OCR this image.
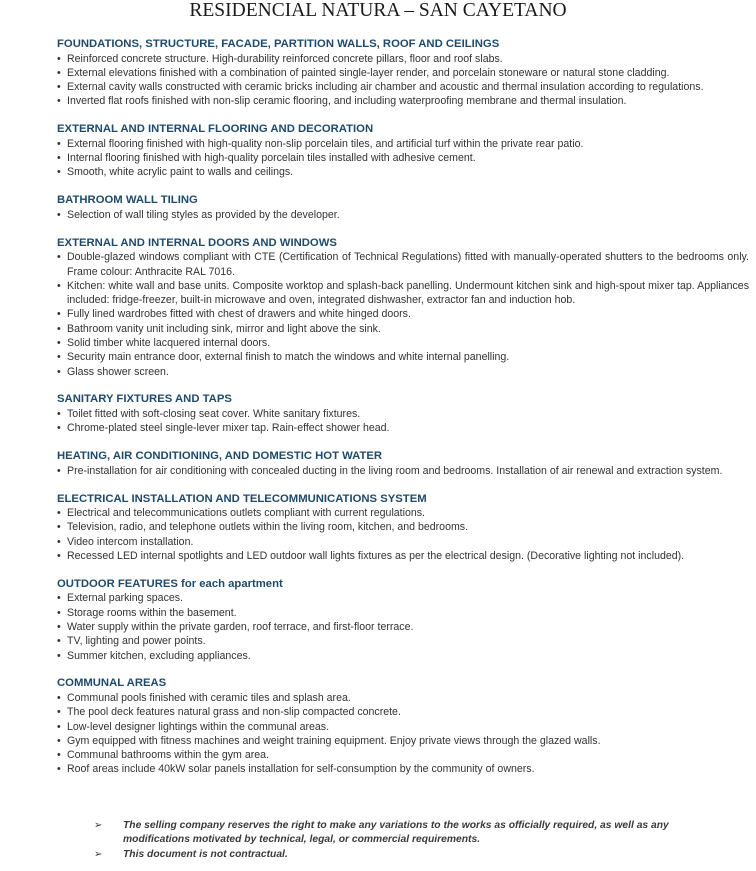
RESIDENCIAL NATURA – SAN CAYETANO
FOUNDATIONS, STRUCTURE, FACADE, PARTITION WALLS, ROOF AND CEILINGS
• Reinforced concrete structure. High-durability reinforced concrete pillars, floor and roof slabs.
• External elevations finished with a combination of painted single-layer render, and porcelain stoneware or natural stone cladding.
• External cavity walls constructed with ceramic bricks including air chamber and acoustic and thermal insulation according to regulations.
• Inverted flat roofs finished with non-slip ceramic flooring, and including waterproofing membrane and thermal insulation.
EXTERNAL AND INTERNAL FLOORING AND DECORATION
• External flooring finished with high-quality non-slip porcelain tiles, and artificial turf within the private rear patio.
• Internal flooring finished with high-quality porcelain tiles installed with adhesive cement.
• Smooth, white acrylic paint to walls and ceilings.
BATHROOM WALL TILING
• Selection of wall tiling styles as provided by the developer.
EXTERNAL AND INTERNAL DOORS AND WINDOWS
• Double-glazed windows compliant with CTE (Certification of Technical Regulations) fitted with manually-operated shutters to the bedrooms only. Frame colour: Anthracite RAL 7016.
• Kitchen: white wall and base units. Composite worktop and splash-back panelling. Undermount kitchen sink and high-spout mixer tap. Appliances included: fridge-freezer, built-in microwave and oven, integrated dishwasher, extractor fan and induction hob.
• Fully lined wardrobes fitted with chest of drawers and white hinged doors.
• Bathroom vanity unit including sink, mirror and light above the sink.
• Solid timber white lacquered internal doors.
• Security main entrance door, external finish to match the windows and white internal panelling.
• Glass shower screen.
SANITARY FIXTURES AND TAPS
• Toilet fitted with soft-closing seat cover. White sanitary fixtures.
• Chrome-plated steel single-lever mixer tap. Rain-effect shower head.
HEATING, AIR CONDITIONING, AND DOMESTIC HOT WATER
• Pre-installation for air conditioning with concealed ducting in the living room and bedrooms. Installation of air renewal and extraction system.
ELECTRICAL INSTALLATION AND TELECOMMUNICATIONS SYSTEM
• Electrical and telecommunications outlets compliant with current regulations.
• Television, radio, and telephone outlets within the living room, kitchen, and bedrooms.
• Video intercom installation.
• Recessed LED internal spotlights and LED outdoor wall lights fixtures as per the electrical design. (Decorative lighting not included).
OUTDOOR FEATURES for each apartment
• External parking spaces.
• Storage rooms within the basement.
• Water supply within the private garden, roof terrace, and first-floor terrace.
• TV, lighting and power points.
• Summer kitchen, excluding appliances.
COMMUNAL AREAS
• Communal pools finished with ceramic tiles and splash area.
• The pool deck features natural grass and non-slip compacted concrete.
• Low-level designer lightings within the communal areas.
• Gym equipped with fitness machines and weight training equipment. Enjoy private views through the glazed walls.
• Communal bathrooms within the gym area.
• Roof areas include 40kW solar panels installation for self-consumption by the community of owners.
➢ The selling company reserves the right to make any variations to the works as officially required, as well as any modifications motivated by technical, legal, or commercial requirements.
➢ This document is not contractual.
